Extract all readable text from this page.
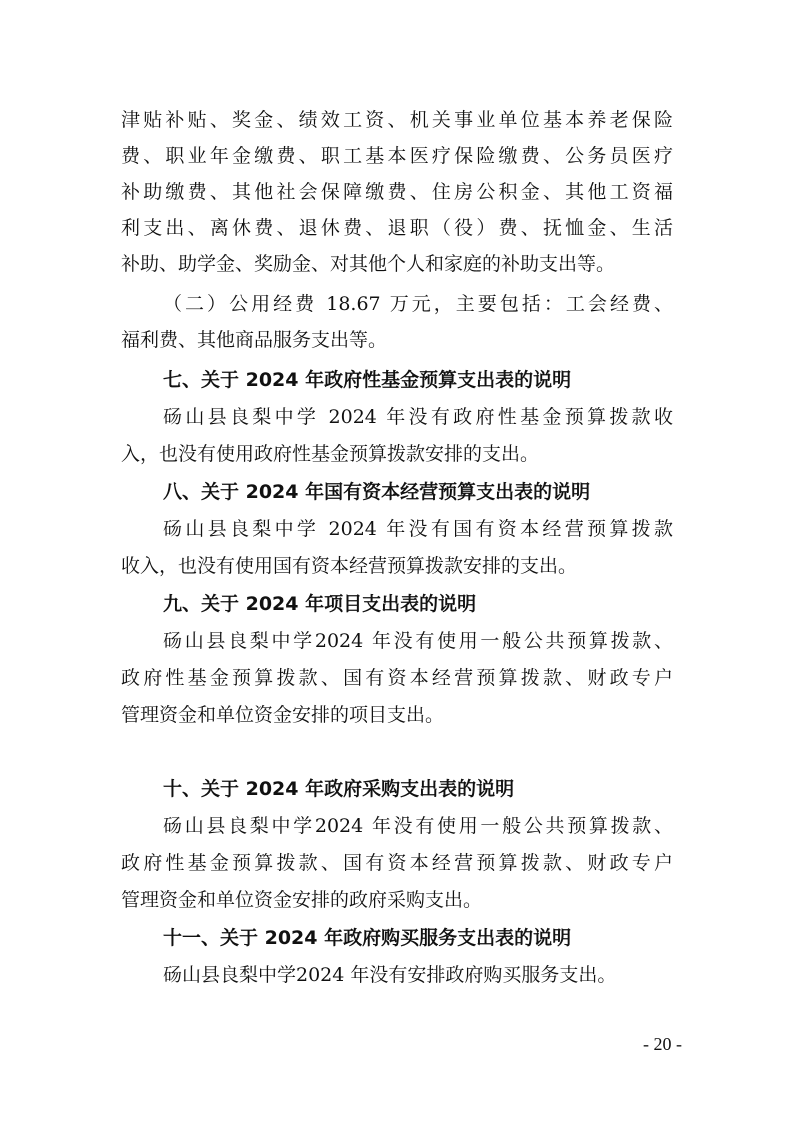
津贴补贴、奖金、绩效工资、机关事业单位基本养老保险
费、职业年金缴费、职工基本医疗保险缴费、公务员医疗
补助缴费、其他社会保障缴费、住房公积金、其他工资福
利支出、离休费、退休费、退职（役）费、抚恤金、生活
补助、助学金、奖励金、对其他个人和家庭的补助支出等。
（二）公用经费 18.67 万元，主要包括：工会经费、
福利费、其他商品服务支出等。
七、关于 2024 年政府性基金预算支出表的说明
砀山县良梨中学 2024 年没有政府性基金预算拨款收
入，也没有使用政府性基金预算拨款安排的支出。
八、关于 2024 年国有资本经营预算支出表的说明
砀山县良梨中学 2024 年没有国有资本经营预算拨款
收入，也没有使用国有资本经营预算拨款安排的支出。
九、关于 2024 年项目支出表的说明
砀山县良梨中学2024 年没有使用一般公共预算拨款、
政府性基金预算拨款、国有资本经营预算拨款、财政专户
管理资金和单位资金安排的项目支出。
十、关于 2024 年政府采购支出表的说明
砀山县良梨中学2024 年没有使用一般公共预算拨款、
政府性基金预算拨款、国有资本经营预算拨款、财政专户
管理资金和单位资金安排的政府采购支出。
十一、关于 2024 年政府购买服务支出表的说明
砀山县良梨中学2024 年没有安排政府购买服务支出。
- 20 -
